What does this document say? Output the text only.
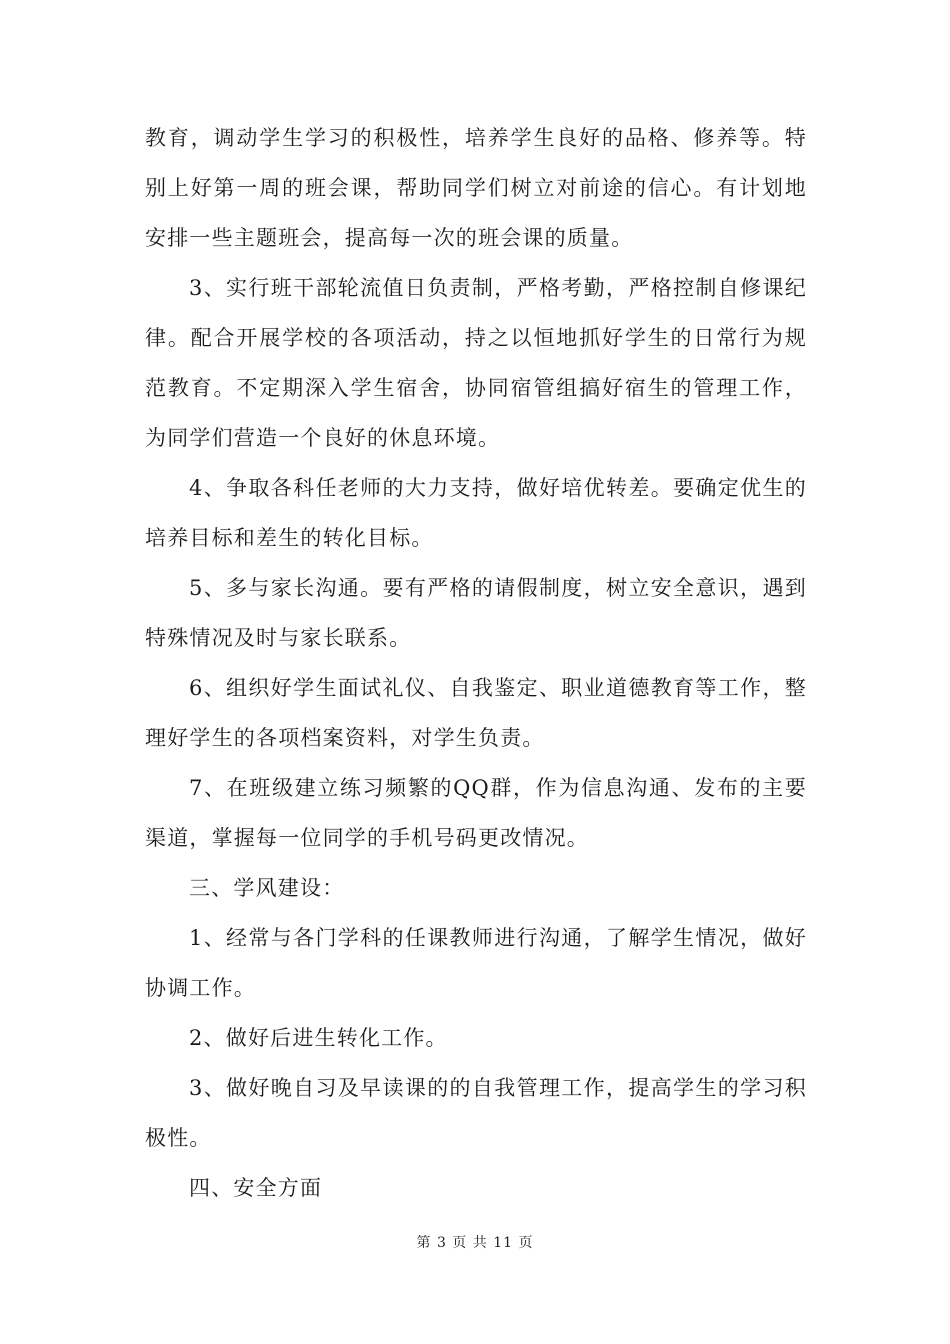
教育，调动学生学习的积极性，培养学生良好的品格、修养等。特别上好第一周的班会课，帮助同学们树立对前途的信心。有计划地安排一些主题班会，提高每一次的班会课的质量。

3、实行班干部轮流值日负责制，严格考勤，严格控制自修课纪律。配合开展学校的各项活动，持之以恒地抓好学生的日常行为规范教育。不定期深入学生宿舍，协同宿管组搞好宿生的管理工作，为同学们营造一个良好的休息环境。

4、争取各科任老师的大力支持，做好培优转差。要确定优生的培养目标和差生的转化目标。

5、多与家长沟通。要有严格的请假制度，树立安全意识，遇到特殊情况及时与家长联系。

6、组织好学生面试礼仪、自我鉴定、职业道德教育等工作，整理好学生的各项档案资料，对学生负责。

7、在班级建立练习频繁的QQ群，作为信息沟通、发布的主要渠道，掌握每一位同学的手机号码更改情况。

三、学风建设：

1、经常与各门学科的任课教师进行沟通，了解学生情况，做好协调工作。

2、做好后进生转化工作。

3、做好晚自习及早读课的的自我管理工作，提高学生的学习积极性。

四、安全方面

第 3 页 共 11 页
